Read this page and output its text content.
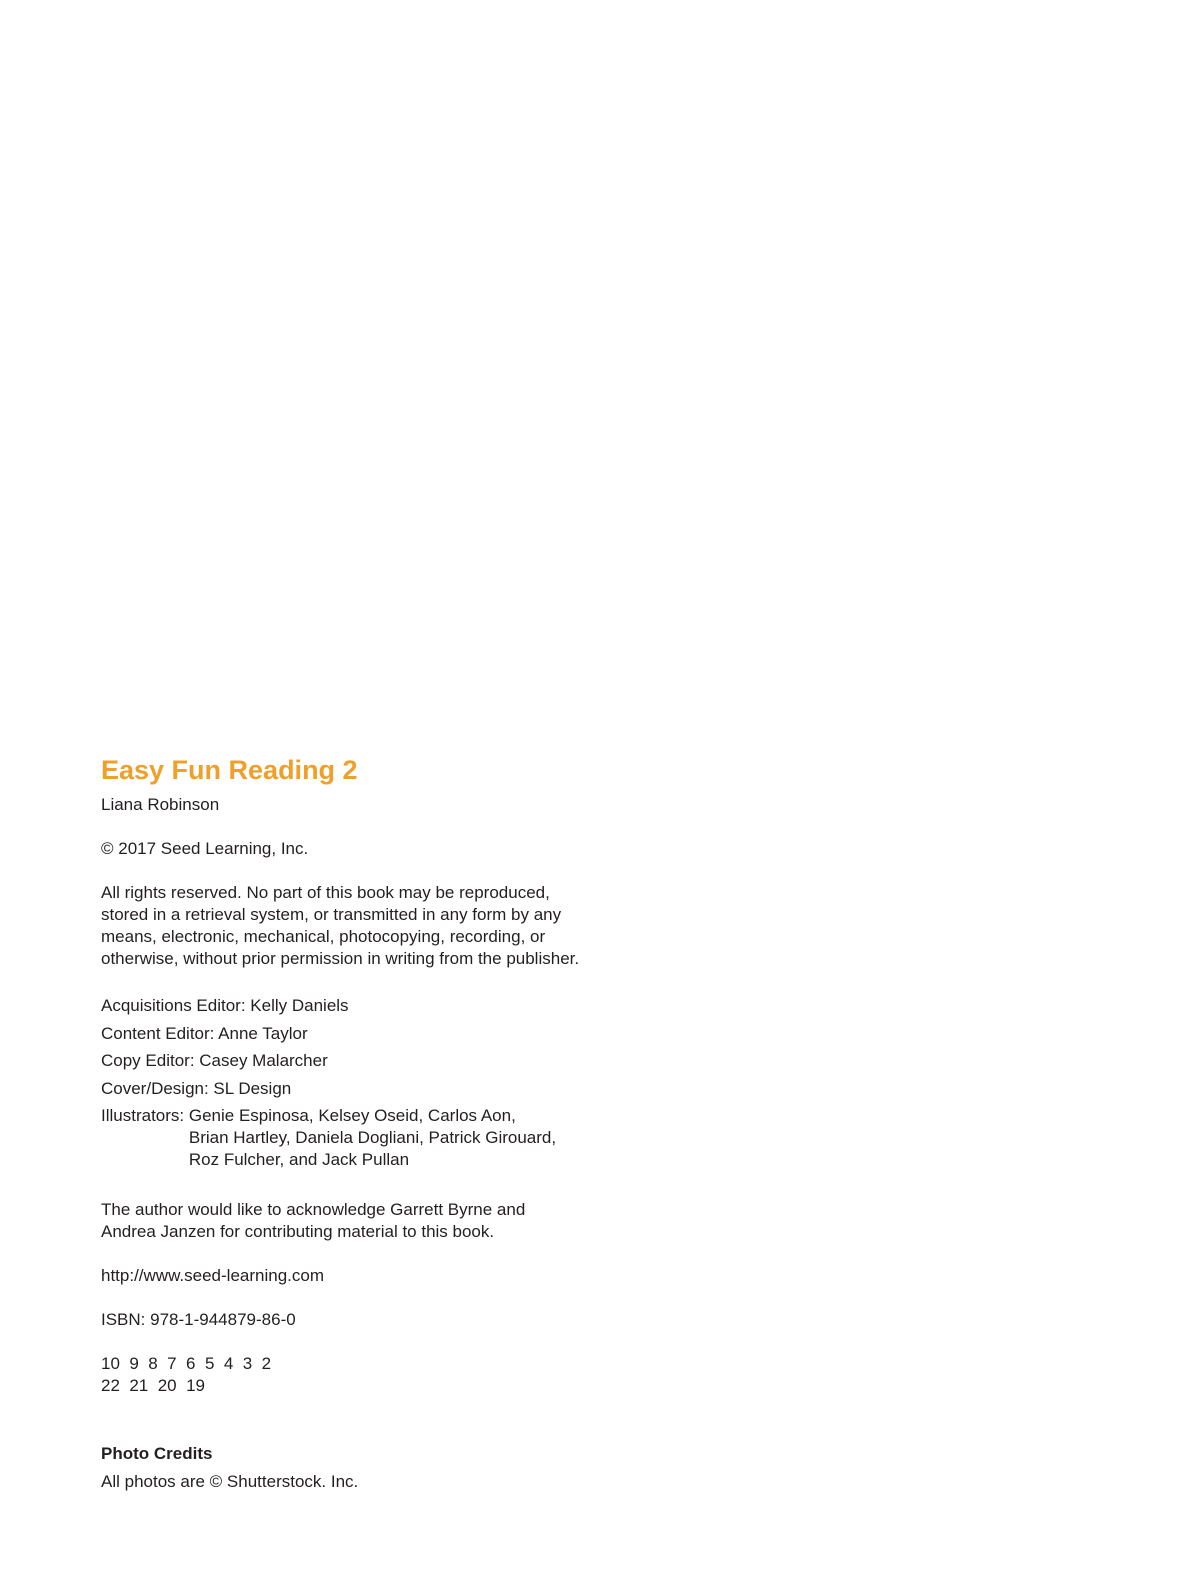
Easy Fun Reading 2
Liana Robinson
© 2017 Seed Learning, Inc.
All rights reserved. No part of this book may be reproduced,
stored in a retrieval system, or transmitted in any form by any
means, electronic, mechanical, photocopying, recording, or
otherwise, without prior permission in writing from the publisher.
Acquisitions Editor: Kelly Daniels
Content Editor: Anne Taylor
Copy Editor: Casey Malarcher
Cover/Design: SL Design
Illustrators: Genie Espinosa, Kelsey Oseid, Carlos Aon,
Brian Hartley, Daniela Dogliani, Patrick Girouard,
Roz Fulcher, and Jack Pullan
The author would like to acknowledge Garrett Byrne and
Andrea Janzen for contributing material to this book.
http://www.seed-learning.com
ISBN: 978-1-944879-86-0
10  9  8  7  6  5  4  3  2
22  21  20  19
Photo Credits
All photos are © Shutterstock. Inc.
